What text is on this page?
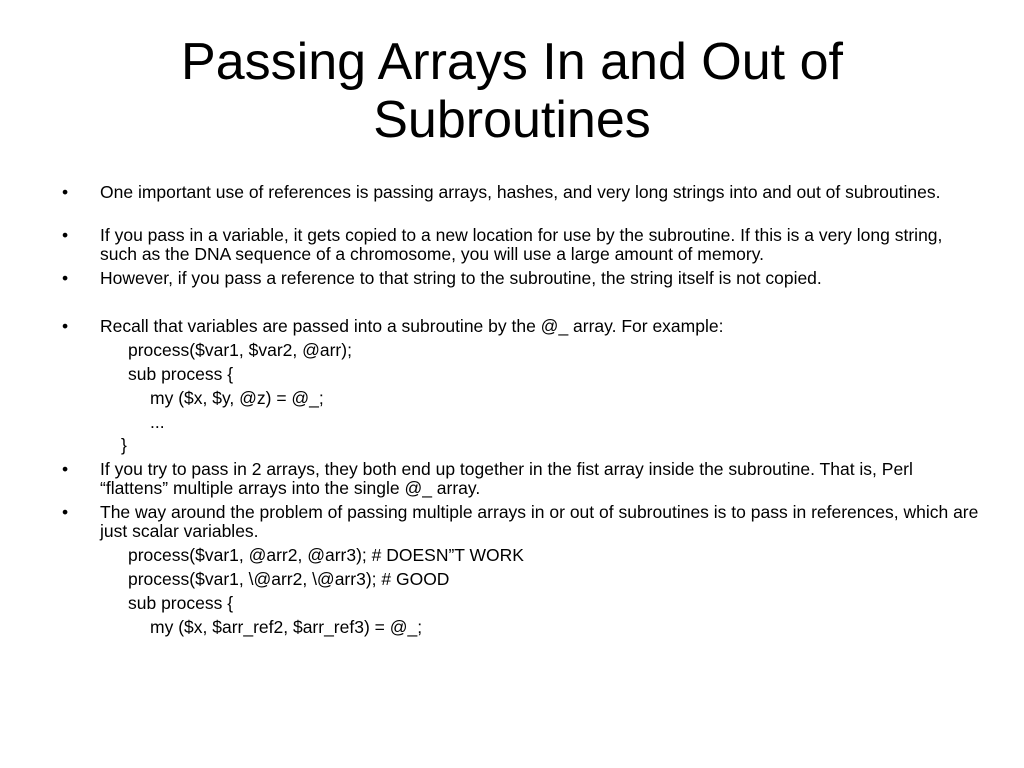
Passing Arrays In and Out of
Subroutines
•	One important use of references is passing arrays, hashes, and very long strings into and out of subroutines.
•	If you pass in a variable, it gets copied to a new location for use by the subroutine. If this is a very long string, such as the DNA sequence of a chromosome, you will use a large amount of memory.
•	However, if you pass a reference to that string to the subroutine, the string itself is not copied.
•	Recall that variables are passed into a subroutine by the @_ array. For example:
process($var1, $var2, @arr);
sub process {
my ($x, $y, @z) = @_;
...
}
•	If you try to pass in 2 arrays, they both end up together in the fist array inside the subroutine. That is, Perl “flattens” multiple arrays into the single @_ array.
•	The way around the problem of passing multiple arrays in or out of subroutines is to pass in references, which are just scalar variables.
process($var1, @arr2, @arr3); # DOESN”T WORK
process($var1, \@arr2, \@arr3); # GOOD
sub process {
my ($x, $arr_ref2, $arr_ref3) = @_;
